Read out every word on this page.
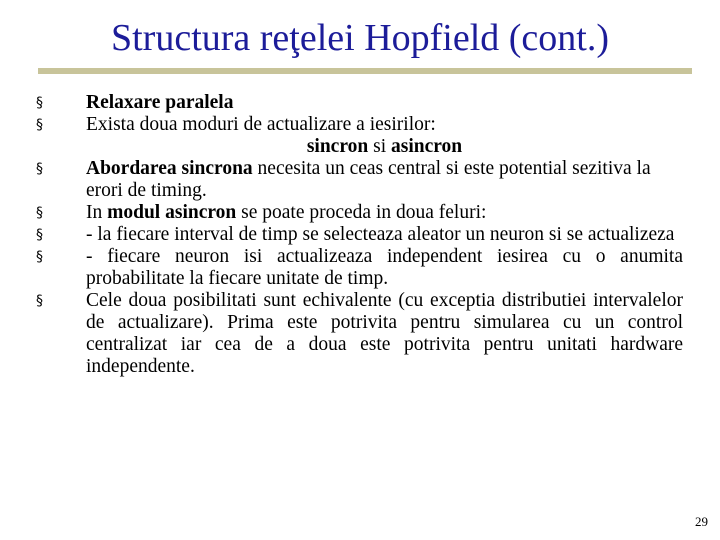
Structura reţelei Hopfield (cont.)
§ Relaxare paralela
§ Exista doua moduri de actualizare a iesirilor:
sincron si asincron
§ Abordarea sincrona necesita un ceas central si este potential sezitiva la erori de timing.
§ In modul asincron se poate proceda in doua feluri:
§ - la fiecare interval de timp se selecteaza aleator un neuron si se actualizeza
§ - fiecare neuron isi actualizeaza independent iesirea cu o anumita probabilitate la fiecare unitate de timp.
§ Cele doua posibilitati sunt echivalente (cu exceptia distributiei intervalelor de actualizare). Prima este potrivita pentru simularea cu un control centralizat iar cea de a doua este potrivita pentru unitati hardware independente.
29
